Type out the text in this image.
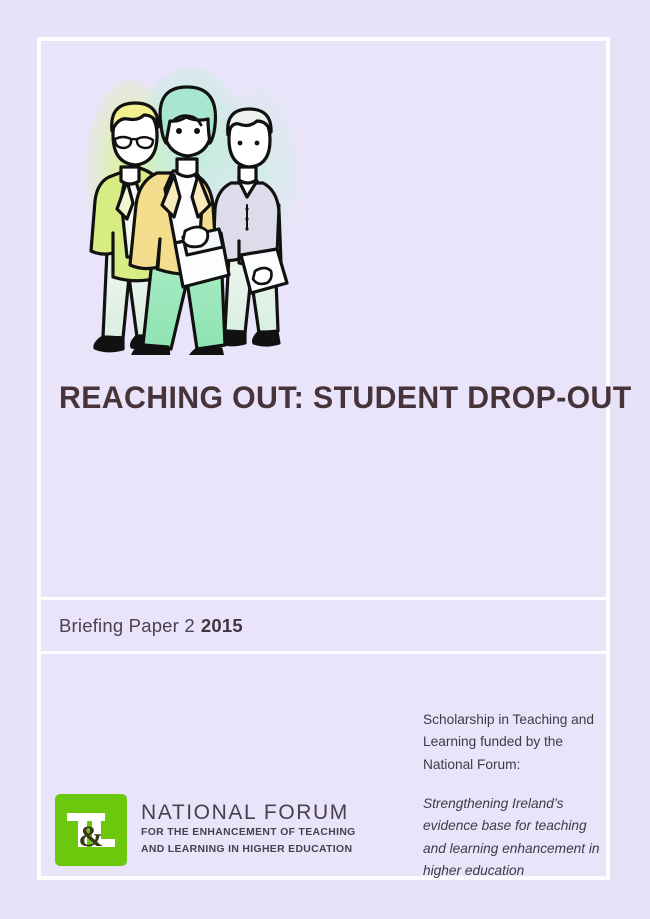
REACHING OUT: STUDENT DROP-OUT
Briefing Paper 2 2015
&
NATIONAL FORUM
FOR THE ENHANCEMENT OF TEACHING
AND LEARNING IN HIGHER EDUCATION

Scholarship in Teaching and Learning funded by the National Forum:

Strengthening Ireland’s evidence base for teaching and learning enhancement in higher education
